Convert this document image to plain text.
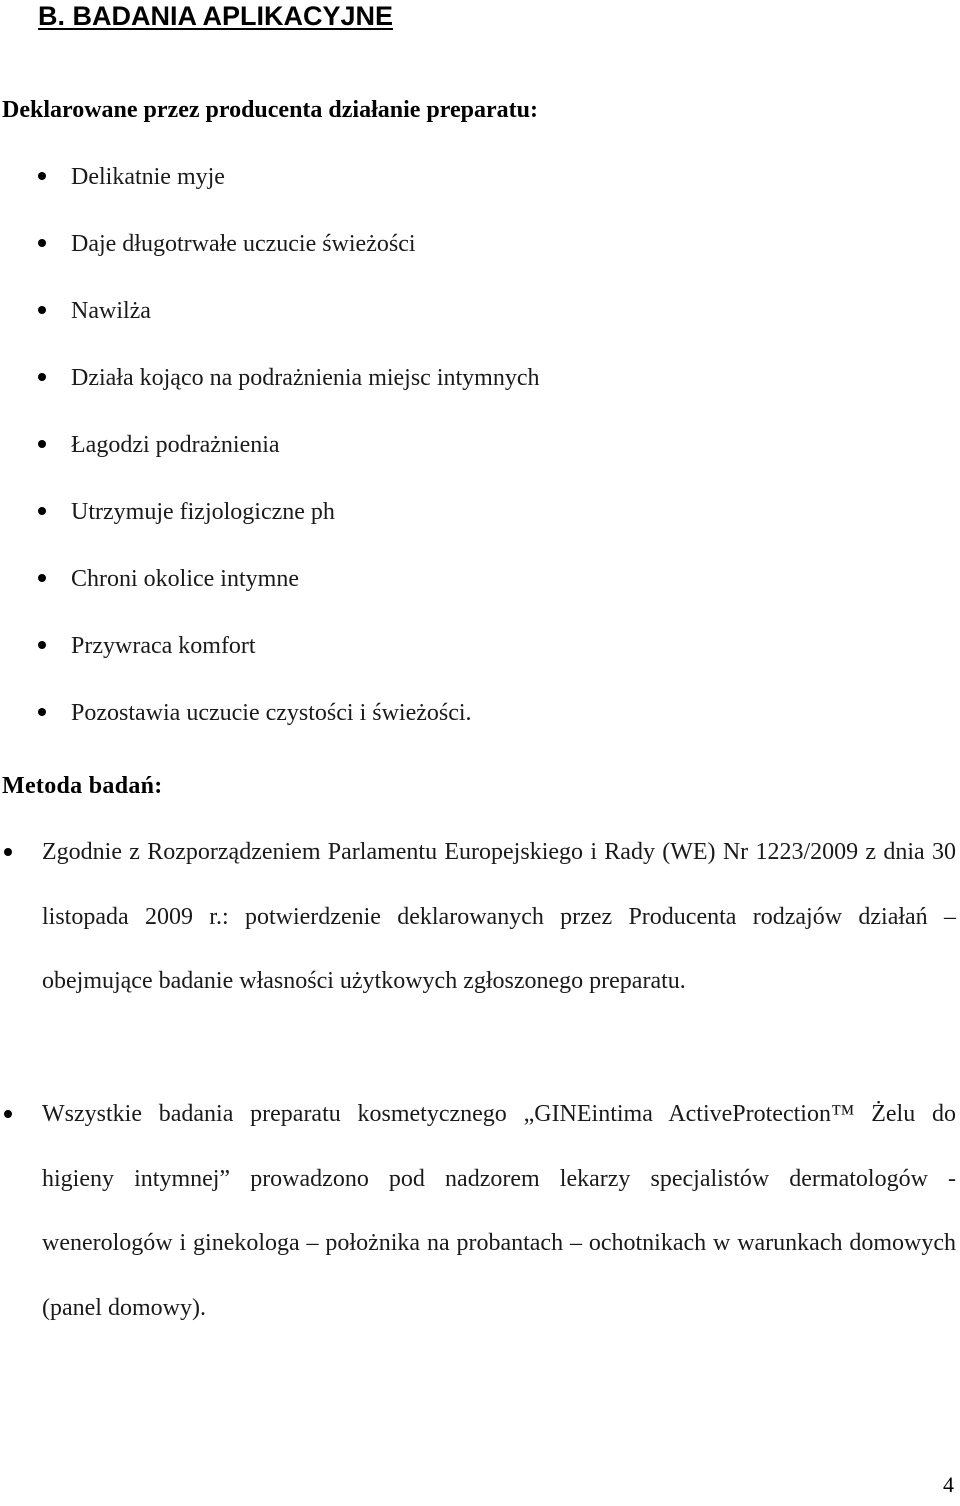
B. BADANIA APLIKACYJNE
Deklarowane przez producenta działanie preparatu:
Delikatnie myje
Daje długotrwałe uczucie świeżości
Nawilża
Działa kojąco na podrażnienia miejsc intymnych
Łagodzi podrażnienia
Utrzymuje fizjologiczne ph
Chroni okolice intymne
Przywraca komfort
Pozostawia uczucie czystości i świeżości.
Metoda badań:
Zgodnie z Rozporządzeniem Parlamentu Europejskiego i Rady (WE) Nr 1223/2009 z dnia 30 listopada 2009 r.: potwierdzenie deklarowanych przez Producenta rodzajów działań – obejmujące badanie własności użytkowych zgłoszonego preparatu.
Wszystkie badania preparatu kosmetycznego „GINEintima ActiveProtection™ Żelu do higieny intymnej” prowadzono pod nadzorem lekarzy specjalistów dermatologów - wenerologów i ginekologa – położnika na probantach – ochotnikach w warunkach domowych (panel domowy).
4
